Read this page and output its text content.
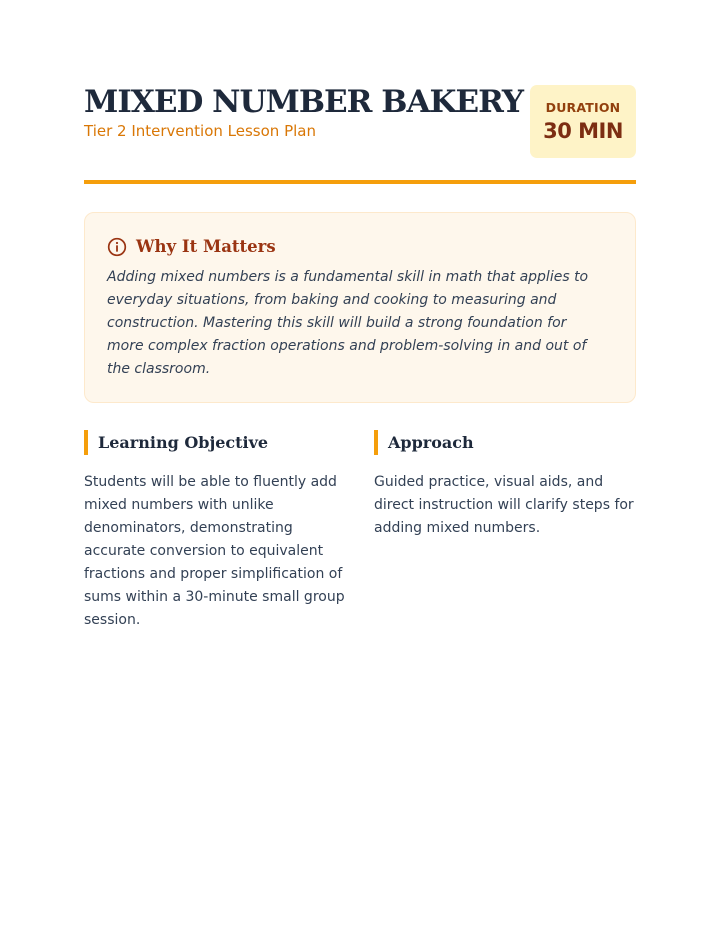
MIXED NUMBER BAKERY
Tier 2 Intervention Lesson Plan
DURATION
30 MIN
Why It Matters

Adding mixed numbers is a fundamental skill in math that applies to everyday situations, from baking and cooking to measuring and construction. Mastering this skill will build a strong foundation for more complex fraction operations and problem-solving in and out of the classroom.

Learning Objective

Students will be able to fluently add mixed numbers with unlike denominators, demonstrating accurate conversion to equivalent fractions and proper simplification of sums within a 30-minute small group session.

Approach

Guided practice, visual aids, and direct instruction will clarify steps for adding mixed numbers.
